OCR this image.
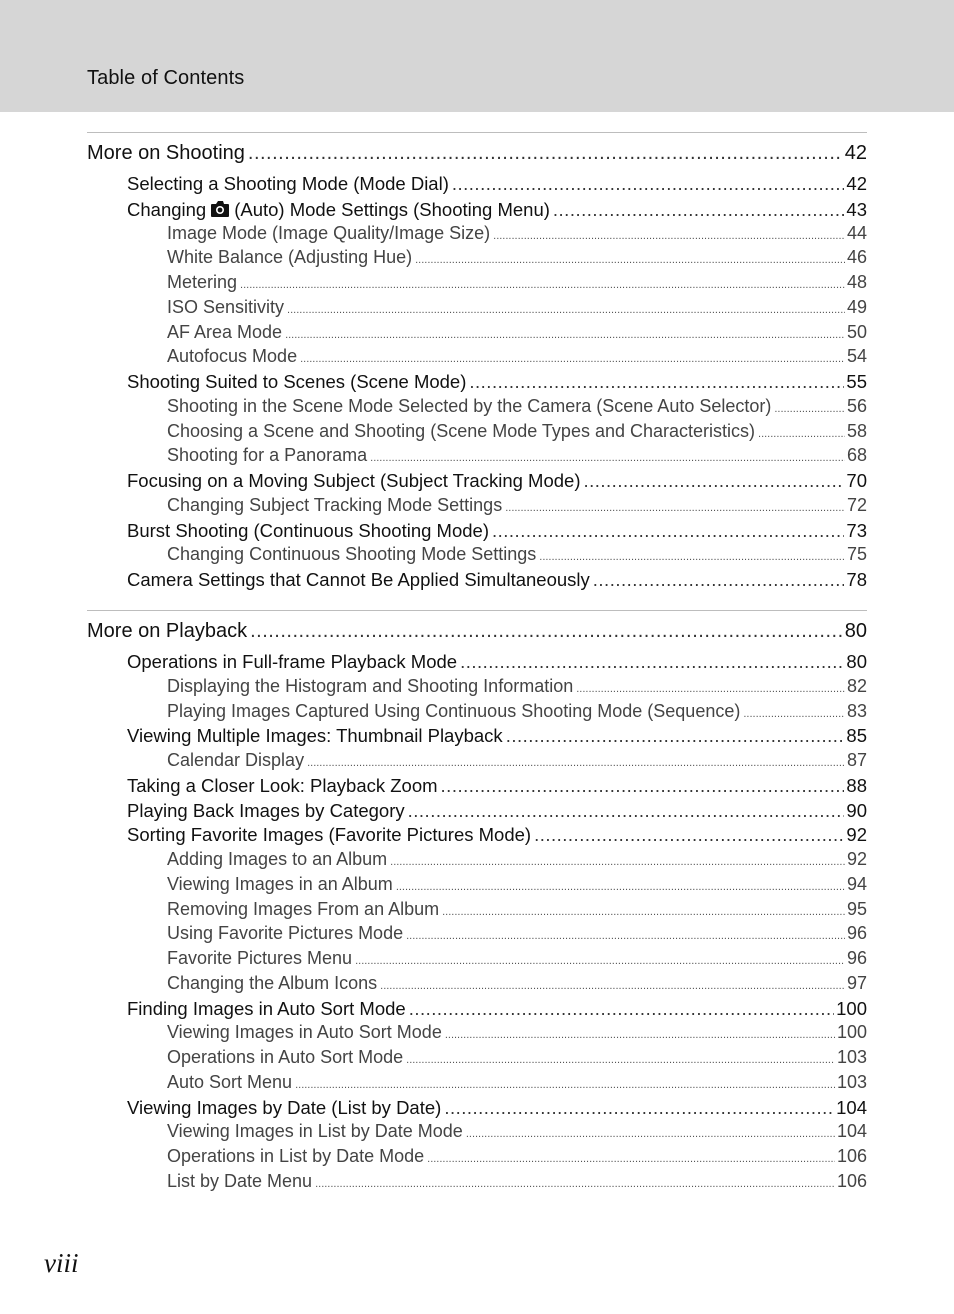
Table of Contents
More on Shooting .....	42
Selecting a Shooting Mode (Mode Dial) .....	42
Changing (Auto) Mode Settings (Shooting Menu) .....	43
Image Mode (Image Quality/Image Size) .....	44
White Balance (Adjusting Hue) .....	46
Metering .....	48
ISO Sensitivity .....	49
AF Area Mode .....	50
Autofocus Mode .....	54
Shooting Suited to Scenes (Scene Mode) .....	55
Shooting in the Scene Mode Selected by the Camera (Scene Auto Selector) .....	56
Choosing a Scene and Shooting (Scene Mode Types and Characteristics) .....	58
Shooting for a Panorama .....	68
Focusing on a Moving Subject (Subject Tracking Mode) .....	70
Changing Subject Tracking Mode Settings .....	72
Burst Shooting (Continuous Shooting Mode) .....	73
Changing Continuous Shooting Mode Settings .....	75
Camera Settings that Cannot Be Applied Simultaneously .....	78
More on Playback .....	80
Operations in Full-frame Playback Mode .....	80
Displaying the Histogram and Shooting Information .....	82
Playing Images Captured Using Continuous Shooting Mode (Sequence) .....	83
Viewing Multiple Images: Thumbnail Playback .....	85
Calendar Display .....	87
Taking a Closer Look: Playback Zoom .....	88
Playing Back Images by Category .....	90
Sorting Favorite Images (Favorite Pictures Mode) .....	92
Adding Images to an Album .....	92
Viewing Images in an Album .....	94
Removing Images From an Album .....	95
Using Favorite Pictures Mode .....	96
Favorite Pictures Menu .....	96
Changing the Album Icons .....	97
Finding Images in Auto Sort Mode .....	100
Viewing Images in Auto Sort Mode .....	100
Operations in Auto Sort Mode .....	103
Auto Sort Menu .....	103
Viewing Images by Date (List by Date) .....	104
Viewing Images in List by Date Mode .....	104
Operations in List by Date Mode .....	106
List by Date Menu .....	106
viii
